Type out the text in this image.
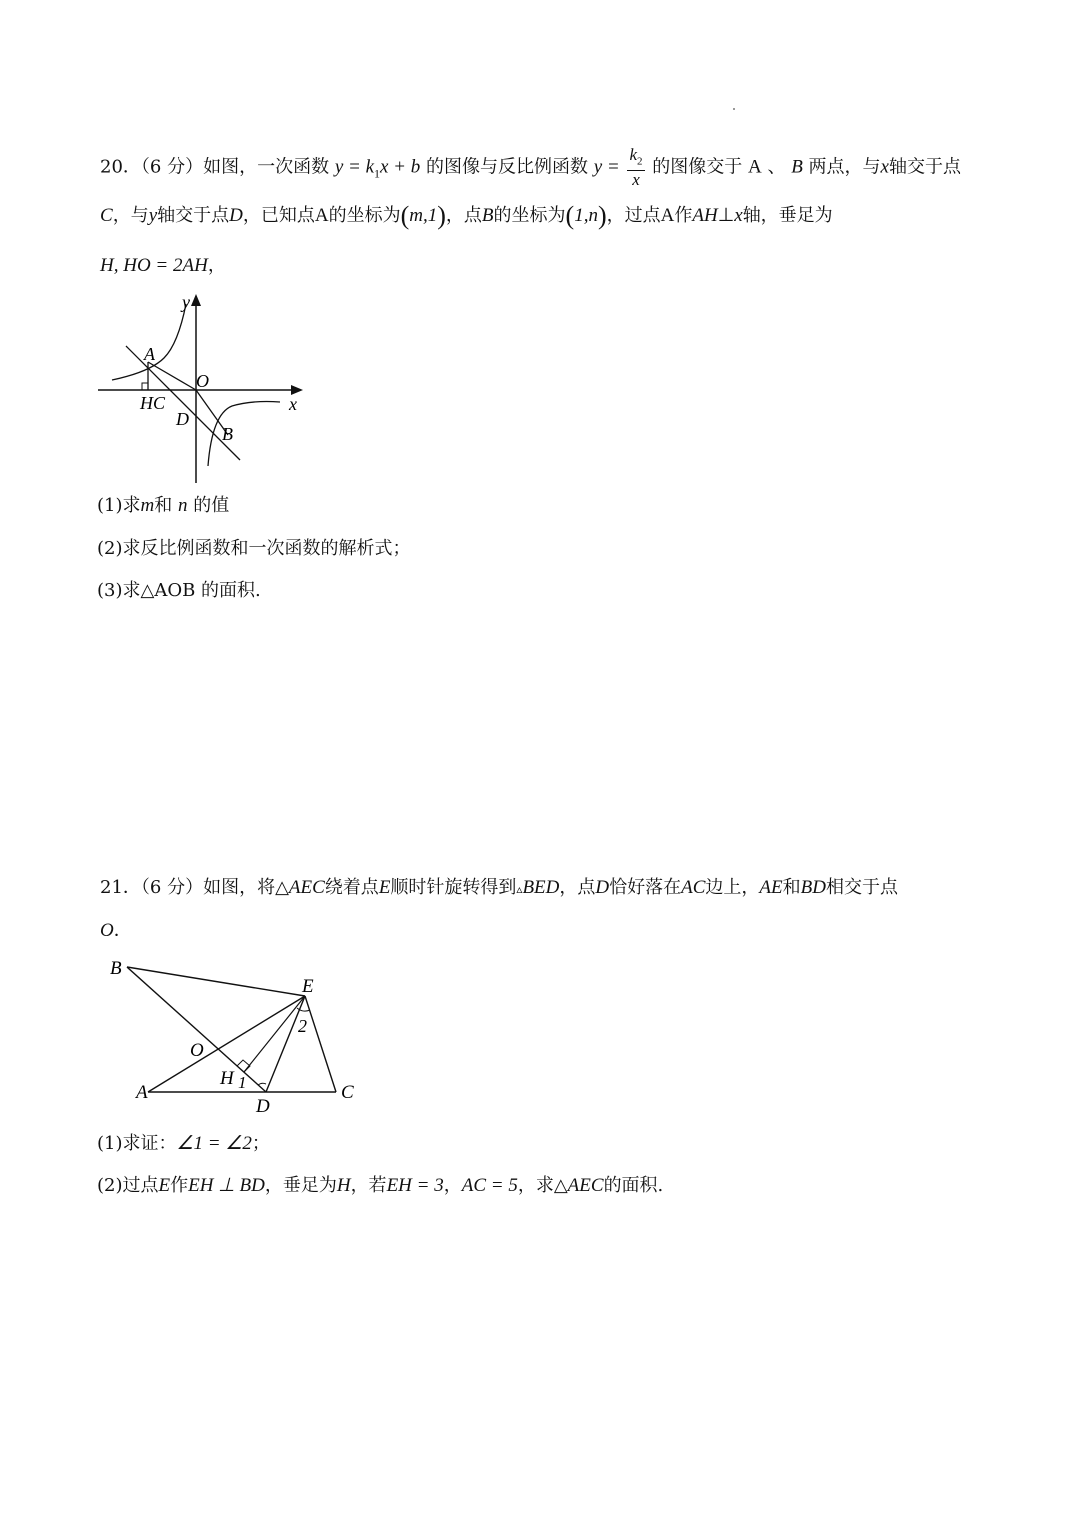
20．（6 分）如图，一次函数 $y = k_1x + b$ 的图像与反比例函数 $y = \frac{k_2}{x}$ 的图像交于 A 、 B 两点，与x轴交于点
C，与y轴交于点D，已知点A的坐标为(m,1)，点B的坐标为(1,n)，过点A作AH⊥x轴，垂足为
H, HO = 2AH，
y
A
O
HC	x
D
B
(1)求m和 n 的值
(2)求反比例函数和一次函数的解析式；
(3)求△AOB 的面积.
21．（6 分）如图，将△AEC绕着点E顺时针旋转得到▵BED，点D恰好落在AC边上，AE和BD相交于点
O．
B
E
2
O
H 1
A
D
C
(1)求证：∠1 = ∠2；
(2)过点E作EH ⊥ BD，垂足为H，若EH = 3，AC = 5，求△AEC的面积.
